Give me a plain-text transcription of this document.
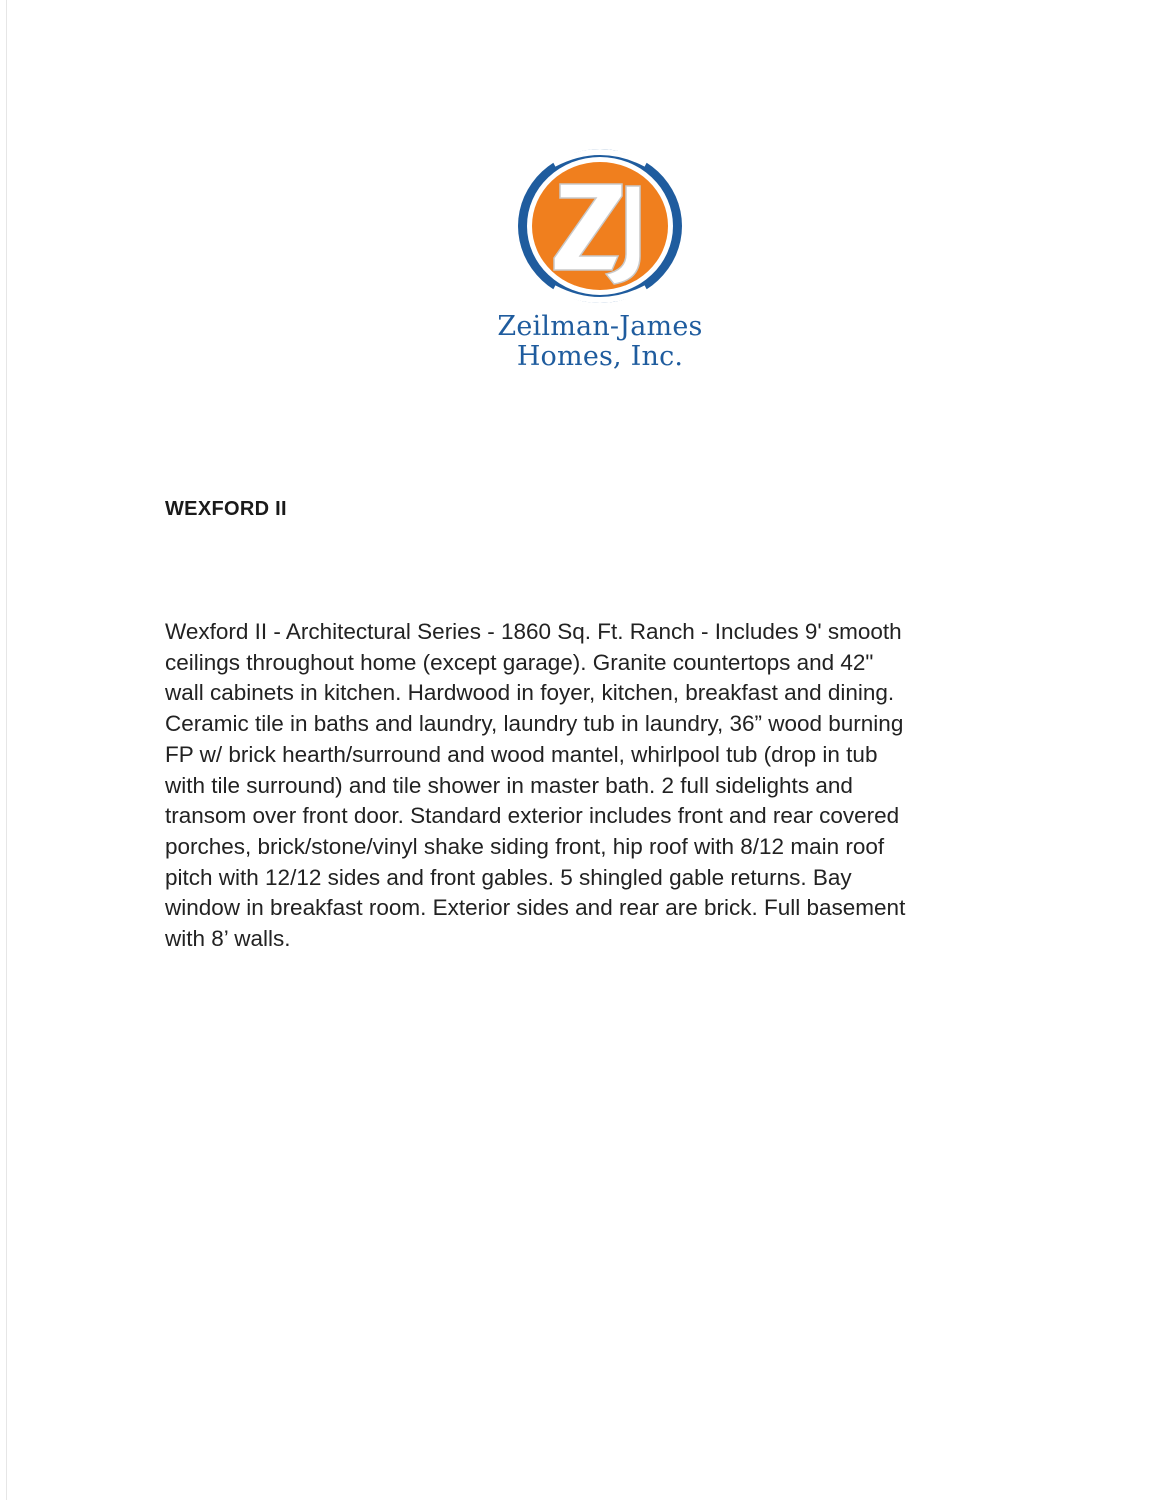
Zeilman-James
Homes, Inc.
WEXFORD II

Wexford II - Architectural Series - 1860 Sq. Ft. Ranch - Includes 9' smooth
ceilings throughout home (except garage). Granite countertops and 42"
wall cabinets in kitchen. Hardwood in foyer, kitchen, breakfast and dining.
Ceramic tile in baths and laundry, laundry tub in laundry, 36” wood burning
FP w/ brick hearth/surround and wood mantel, whirlpool tub (drop in tub
with tile surround) and tile shower in master bath. 2 full sidelights and
transom over front door. Standard exterior includes front and rear covered
porches, brick/stone/vinyl shake siding front, hip roof with 8/12 main roof
pitch with 12/12 sides and front gables. 5 shingled gable returns. Bay
window in breakfast room. Exterior sides and rear are brick. Full basement
with 8’ walls.
